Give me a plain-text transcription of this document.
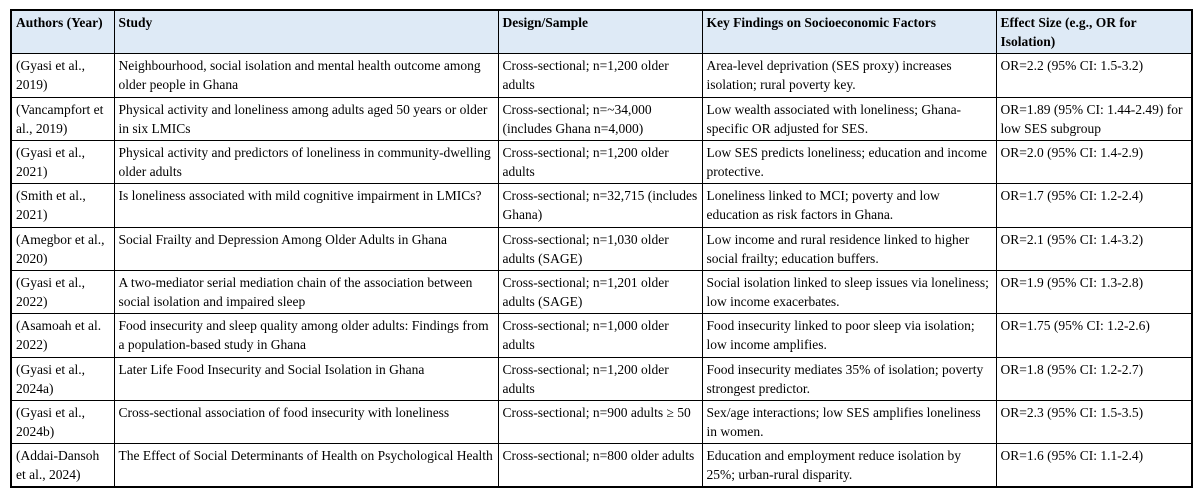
Authors (Year)	Study	Design/Sample	Key Findings on Socioeconomic Factors	Effect Size (e.g., OR for Isolation)
(Gyasi et al., 2019)	Neighbourhood, social isolation and mental health outcome among older people in Ghana	Cross-sectional; n=1,200 older adults	Area-level deprivation (SES proxy) increases isolation; rural poverty key.	OR=2.2 (95% CI: 1.5-3.2)
(Vancampfort et al., 2019)	Physical activity and loneliness among adults aged 50 years or older in six LMICs	Cross-sectional; n=~34,000 (includes Ghana n=4,000)	Low wealth associated with loneliness; Ghana-specific OR adjusted for SES.	OR=1.89 (95% CI: 1.44-2.49) for low SES subgroup
(Gyasi et al., 2021)	Physical activity and predictors of loneliness in community-dwelling older adults	Cross-sectional; n=1,200 older adults	Low SES predicts loneliness; education and income protective.	OR=2.0 (95% CI: 1.4-2.9)
(Smith et al., 2021)	Is loneliness associated with mild cognitive impairment in LMICs?	Cross-sectional; n=32,715 (includes Ghana)	Loneliness linked to MCI; poverty and low education as risk factors in Ghana.	OR=1.7 (95% CI: 1.2-2.4)
(Amegbor et al., 2020)	Social Frailty and Depression Among Older Adults in Ghana	Cross-sectional; n=1,030 older adults (SAGE)	Low income and rural residence linked to higher social frailty; education buffers.	OR=2.1 (95% CI: 1.4-3.2)
(Gyasi et al., 2022)	A two-mediator serial mediation chain of the association between social isolation and impaired sleep	Cross-sectional; n=1,201 older adults (SAGE)	Social isolation linked to sleep issues via loneliness; low income exacerbates.	OR=1.9 (95% CI: 1.3-2.8)
(Asamoah et al. 2022)	Food insecurity and sleep quality among older adults: Findings from a population-based study in Ghana	Cross-sectional; n=1,000 older adults	Food insecurity linked to poor sleep via isolation; low income amplifies.	OR=1.75 (95% CI: 1.2-2.6)
(Gyasi et al., 2024a)	Later Life Food Insecurity and Social Isolation in Ghana	Cross-sectional; n=1,200 older adults	Food insecurity mediates 35% of isolation; poverty strongest predictor.	OR=1.8 (95% CI: 1.2-2.7)
(Gyasi et al., 2024b)	Cross-sectional association of food insecurity with loneliness	Cross-sectional; n=900 adults ≥ 50	Sex/age interactions; low SES amplifies loneliness in women.	OR=2.3 (95% CI: 1.5-3.5)
(Addai-Dansoh et al., 2024)	The Effect of Social Determinants of Health on Psychological Health	Cross-sectional; n=800 older adults	Education and employment reduce isolation by 25%; urban-rural disparity.	OR=1.6 (95% CI: 1.1-2.4)
